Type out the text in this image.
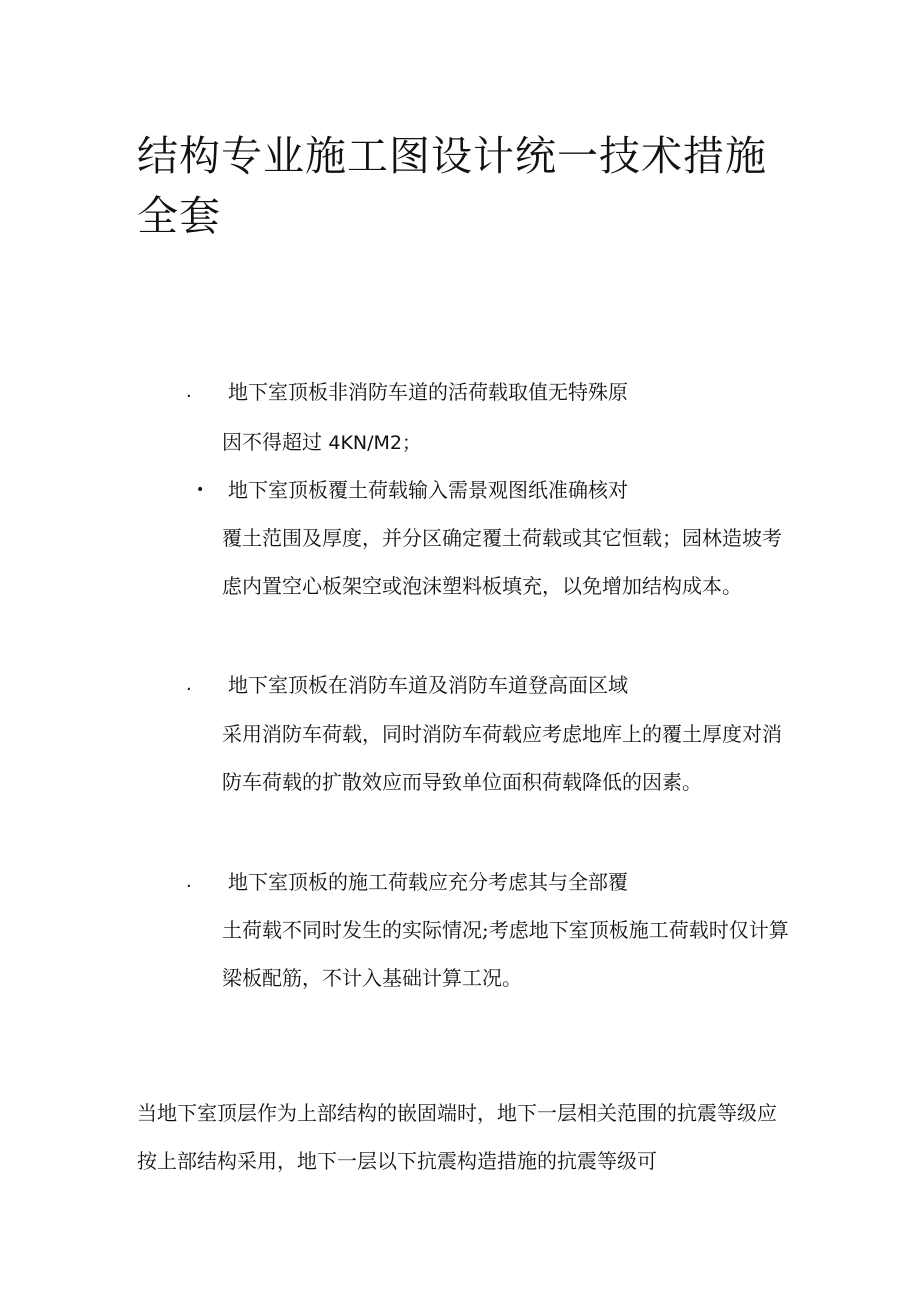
结构专业施工图设计统一技术措施全套
. 地下室顶板非消防车道的活荷载取值无特殊原

因不得超过 4KN/M2；

• 地下室顶板覆土荷载输入需景观图纸准确核对

覆土范围及厚度，并分区确定覆土荷载或其它恒载；园林造坡考虑内置空心板架空或泡沫塑料板填充，以免增加结构成本。

. 地下室顶板在消防车道及消防车道登高面区域

采用消防车荷载，同时消防车荷载应考虑地库上的覆土厚度对消防车荷载的扩散效应而导致单位面积荷载降低的因素。

. 地下室顶板的施工荷载应充分考虑其与全部覆

土荷载不同时发生的实际情况;考虑地下室顶板施工荷载时仅计算梁板配筋，不计入基础计算工况。

当地下室顶层作为上部结构的嵌固端时，地下一层相关范围的抗震等级应按上部结构采用，地下一层以下抗震构造措施的抗震等级可
